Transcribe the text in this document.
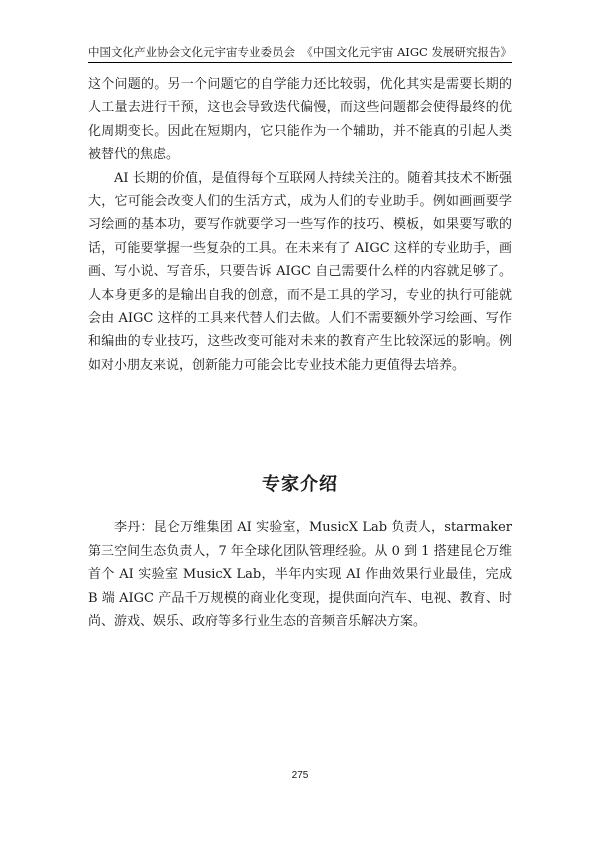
中国文化产业协会文化元宇宙专业委员会 《中国文化元宇宙 AIGC 发展研究报告》

这个问题的。另一个问题它的自学能力还比较弱，优化其实是需要长期的人工量去进行干预，这也会导致迭代偏慢，而这些问题都会使得最终的优化周期变长。因此在短期内，它只能作为一个辅助，并不能真的引起人类被替代的焦虑。

AI 长期的价值，是值得每个互联网人持续关注的。随着其技术不断强大，它可能会改变人们的生活方式，成为人们的专业助手。例如画画要学习绘画的基本功，要写作就要学习一些写作的技巧、模板，如果要写歌的话，可能要掌握一些复杂的工具。在未来有了 AIGC 这样的专业助手，画画、写小说、写音乐，只要告诉 AIGC 自己需要什么样的内容就足够了。人本身更多的是输出自我的创意，而不是工具的学习，专业的执行可能就会由 AIGC 这样的工具来代替人们去做。人们不需要额外学习绘画、写作和编曲的专业技巧，这些改变可能对未来的教育产生比较深远的影响。例如对小朋友来说，创新能力可能会比专业技术能力更值得去培养。

专家介绍

李丹：昆仑万维集团 AI 实验室，MusicX Lab 负责人，starmaker 第三空间生态负责人，7 年全球化团队管理经验。从 0 到 1 搭建昆仑万维首个 AI 实验室 MusicX Lab，半年内实现 AI 作曲效果行业最佳，完成 B 端 AIGC 产品千万规模的商业化变现，提供面向汽车、电视、教育、时尚、游戏、娱乐、政府等多行业生态的音频音乐解决方案。

275
